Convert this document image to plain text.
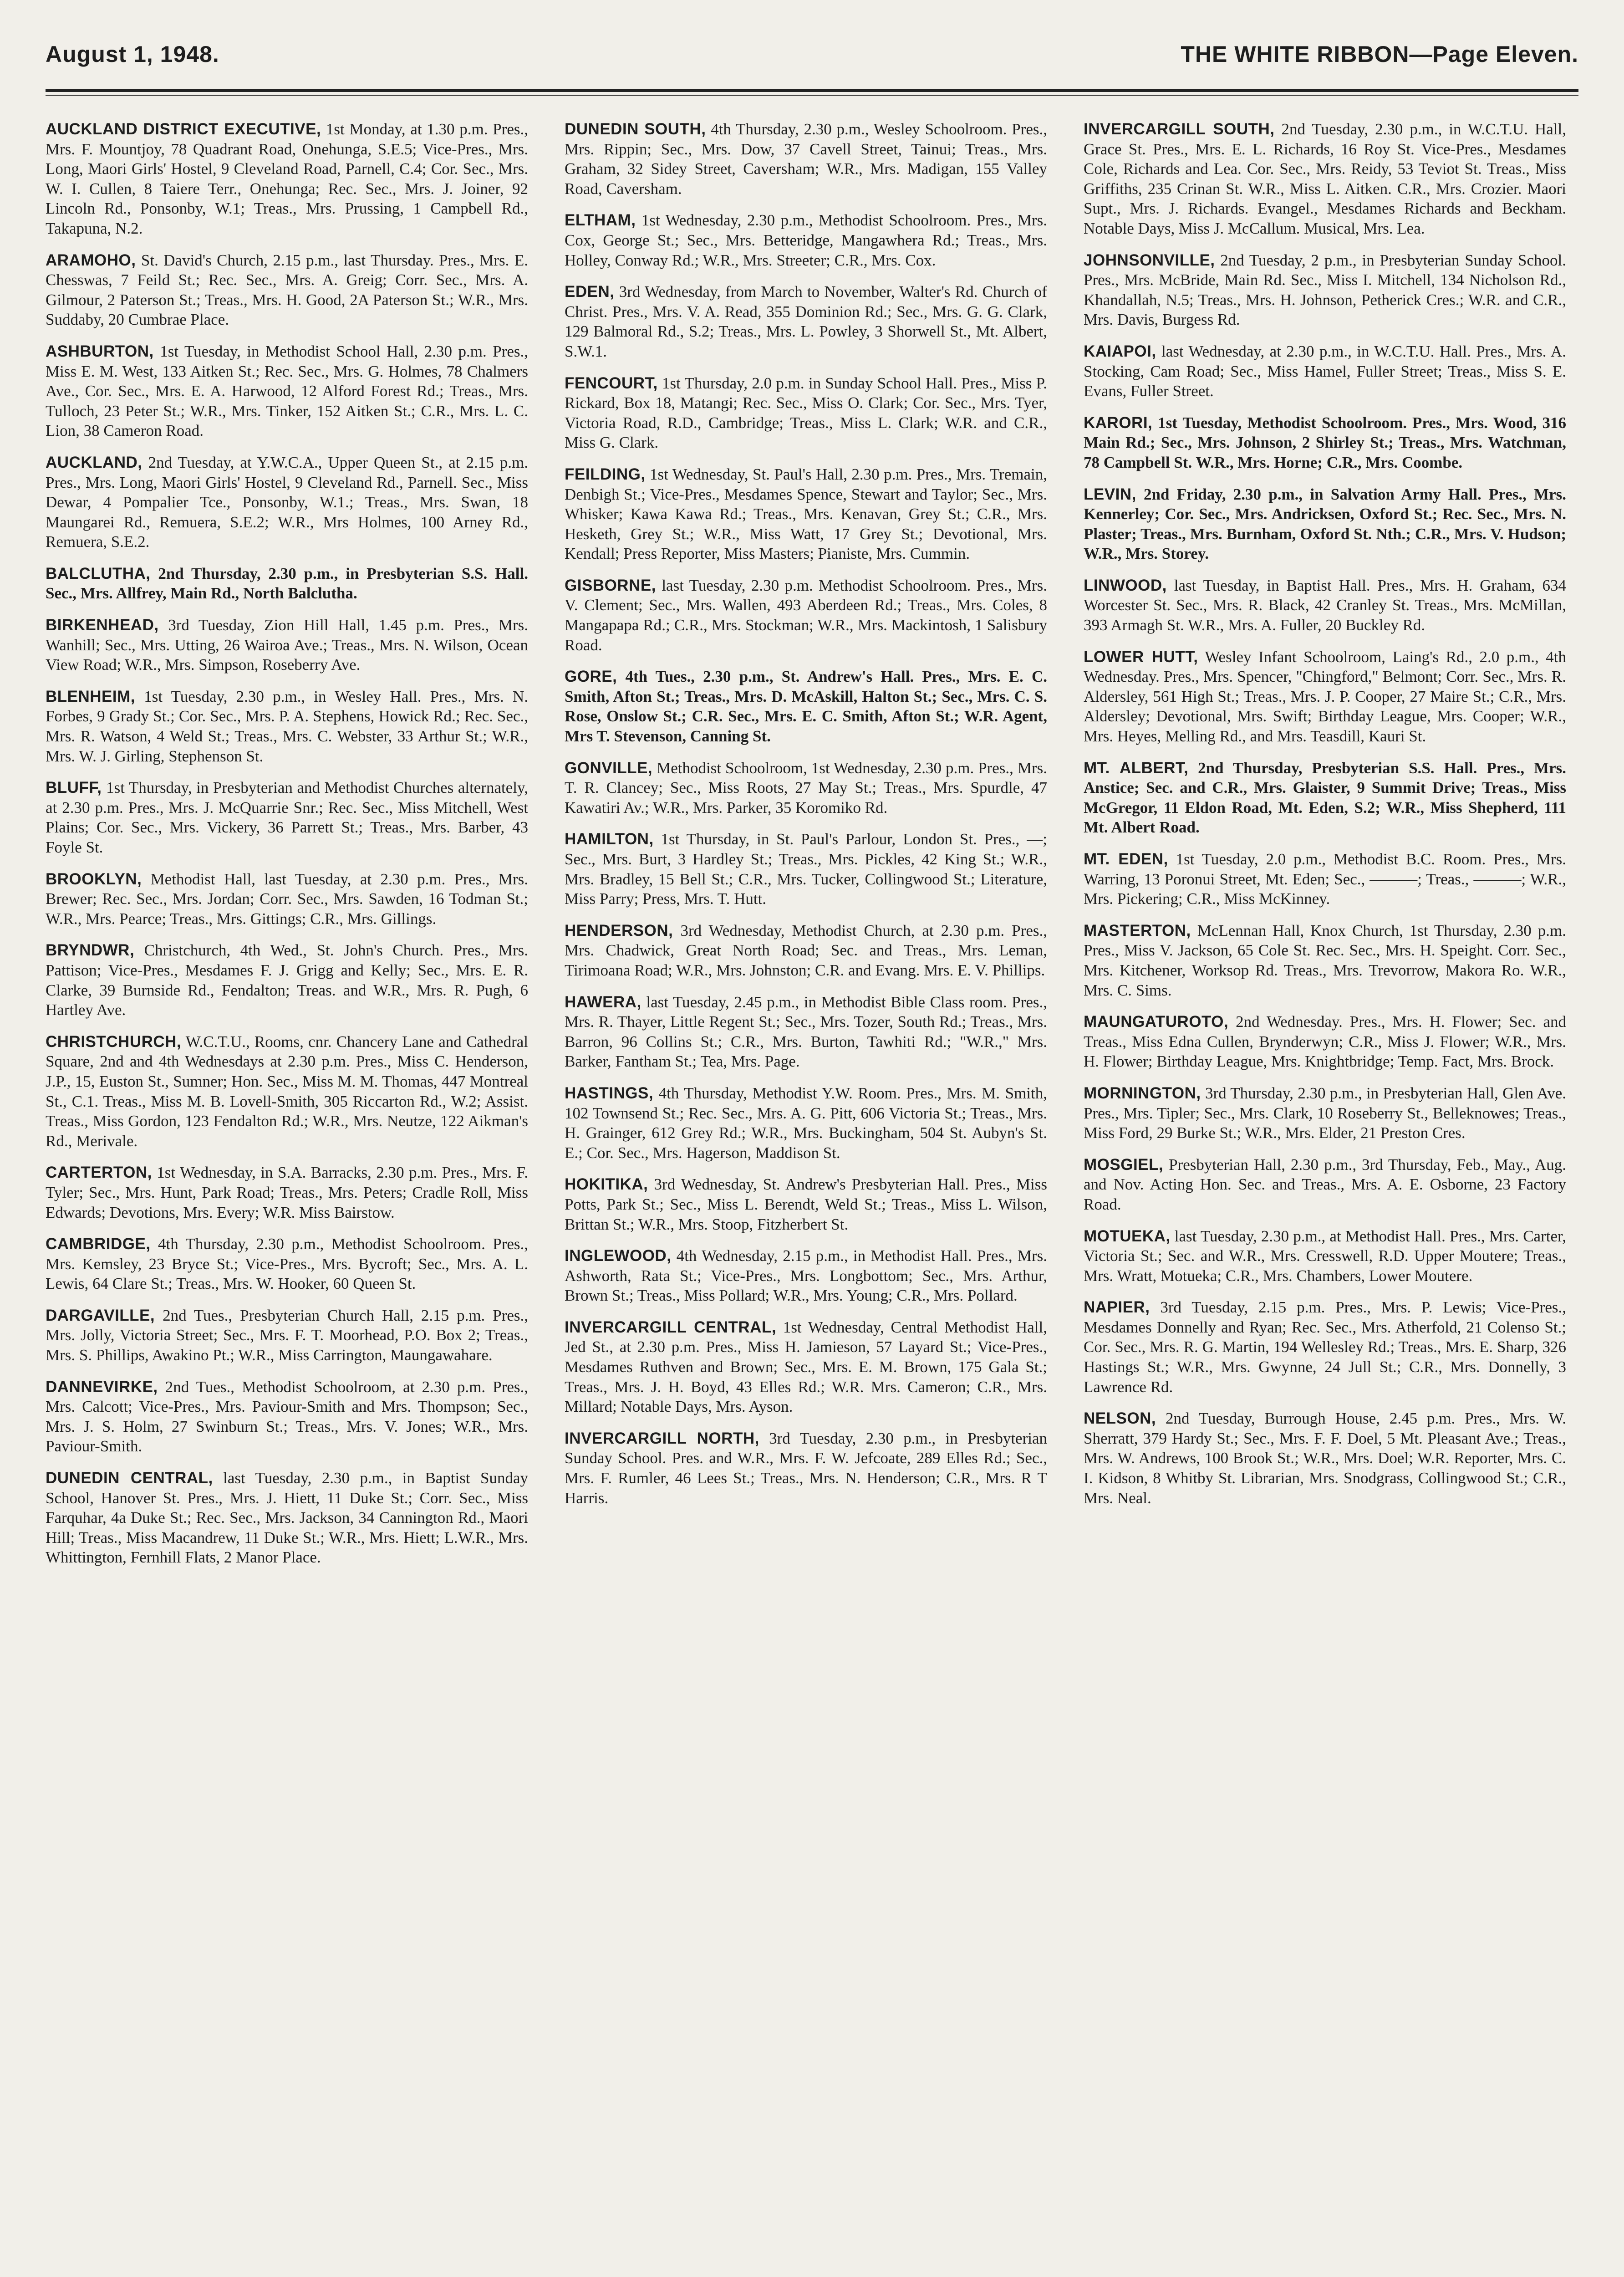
August 1, 1948.	THE WHITE RIBBON—Page Eleven.

AUCKLAND DISTRICT EXECUTIVE, 1st Monday, at 1.30 p.m. Pres., Mrs. F. Mountjoy, 78 Quadrant Road, Onehunga, S.E.5; Vice-Pres., Mrs. Long, Maori Girls' Hostel, 9 Cleveland Road, Parnell, C.4; Cor. Sec., Mrs. W. I. Cullen, 8 Taiere Terr., Onehunga; Rec. Sec., Mrs. J. Joiner, 92 Lincoln Rd., Ponsonby, W.1; Treas., Mrs. Prussing, 1 Campbell Rd., Takapuna, N.2.

ARAMOHO, St. David's Church, 2.15 p.m., last Thursday. Pres., Mrs. E. Chesswas, 7 Feild St.; Rec. Sec., Mrs. A. Greig; Corr. Sec., Mrs. A. Gilmour, 2 Paterson St.; Treas., Mrs. H. Good, 2A Paterson St.; W.R., Mrs. Suddaby, 20 Cumbrae Place.

ASHBURTON, 1st Tuesday, in Methodist School Hall, 2.30 p.m. Pres., Miss E. M. West, 133 Aitken St.; Rec. Sec., Mrs. G. Holmes, 78 Chalmers Ave., Cor. Sec., Mrs. E. A. Harwood, 12 Alford Forest Rd.; Treas., Mrs. Tulloch, 23 Peter St.; W.R., Mrs. Tinker, 152 Aitken St.; C.R., Mrs. L. C. Lion, 38 Cameron Road.

AUCKLAND, 2nd Tuesday, at Y.W.C.A., Upper Queen St., at 2.15 p.m. Pres., Mrs. Long, Maori Girls' Hostel, 9 Cleveland Rd., Parnell. Sec., Miss Dewar, 4 Pompalier Tce., Ponsonby, W.1.; Treas., Mrs. Swan, 18 Maungarei Rd., Remuera, S.E.2; W.R., Mrs Holmes, 100 Arney Rd., Remuera, S.E.2.

BALCLUTHA, 2nd Thursday, 2.30 p.m., in Presbyterian S.S. Hall. Sec., Mrs. Allfrey, Main Rd., North Balclutha.

BIRKENHEAD, 3rd Tuesday, Zion Hill Hall, 1.45 p.m. Pres., Mrs. Wanhill; Sec., Mrs. Utting, 26 Wairoa Ave.; Treas., Mrs. N. Wilson, Ocean View Road; W.R., Mrs. Simpson, Roseberry Ave.

BLENHEIM, 1st Tuesday, 2.30 p.m., in Wesley Hall. Pres., Mrs. N. Forbes, 9 Grady St.; Cor. Sec., Mrs. P. A. Stephens, Howick Rd.; Rec. Sec., Mrs. R. Watson, 4 Weld St.; Treas., Mrs. C. Webster, 33 Arthur St.; W.R., Mrs. W. J. Girling, Stephenson St.

BLUFF, 1st Thursday, in Presbyterian and Methodist Churches alternately, at 2.30 p.m. Pres., Mrs. J. McQuarrie Snr.; Rec. Sec., Miss Mitchell, West Plains; Cor. Sec., Mrs. Vickery, 36 Parrett St.; Treas., Mrs. Barber, 43 Foyle St.

BROOKLYN, Methodist Hall, last Tuesday, at 2.30 p.m. Pres., Mrs. Brewer; Rec. Sec., Mrs. Jordan; Corr. Sec., Mrs. Sawden, 16 Todman St.; W.R., Mrs. Pearce; Treas., Mrs. Gittings; C.R., Mrs. Gillings.

BRYNDWR, Christchurch, 4th Wed., St. John's Church. Pres., Mrs. Pattison; Vice-Pres., Mesdames F. J. Grigg and Kelly; Sec., Mrs. E. R. Clarke, 39 Burnside Rd., Fendalton; Treas. and W.R., Mrs. R. Pugh, 6 Hartley Ave.

CHRISTCHURCH, W.C.T.U., Rooms, cnr. Chancery Lane and Cathedral Square, 2nd and 4th Wednesdays at 2.30 p.m. Pres., Miss C. Henderson, J.P., 15, Euston St., Sumner; Hon. Sec., Miss M. M. Thomas, 447 Montreal St., C.1. Treas., Miss M. B. Lovell-Smith, 305 Riccarton Rd., W.2; Assist. Treas., Miss Gordon, 123 Fendalton Rd.; W.R., Mrs. Neutze, 122 Aikman's Rd., Merivale.

CARTERTON, 1st Wednesday, in S.A. Barracks, 2.30 p.m. Pres., Mrs. F. Tyler; Sec., Mrs. Hunt, Park Road; Treas., Mrs. Peters; Cradle Roll, Miss Edwards; Devotions, Mrs. Every; W.R. Miss Bairstow.

CAMBRIDGE, 4th Thursday, 2.30 p.m., Methodist Schoolroom. Pres., Mrs. Kemsley, 23 Bryce St.; Vice-Pres., Mrs. Bycroft; Sec., Mrs. A. L. Lewis, 64 Clare St.; Treas., Mrs. W. Hooker, 60 Queen St.

DARGAVILLE, 2nd Tues., Presbyterian Church Hall, 2.15 p.m. Pres., Mrs. Jolly, Victoria Street; Sec., Mrs. F. T. Moorhead, P.O. Box 2; Treas., Mrs. S. Phillips, Awakino Pt.; W.R., Miss Carrington, Maungawahare.

DANNEVIRKE, 2nd Tues., Methodist Schoolroom, at 2.30 p.m. Pres., Mrs. Calcott; Vice-Pres., Mrs. Paviour-Smith and Mrs. Thompson; Sec., Mrs. J. S. Holm, 27 Swinburn St.; Treas., Mrs. V. Jones; W.R., Mrs. Paviour-Smith.

DUNEDIN CENTRAL, last Tuesday, 2.30 p.m., in Baptist Sunday School, Hanover St. Pres., Mrs. J. Hiett, 11 Duke St.; Corr. Sec., Miss Farquhar, 4a Duke St.; Rec. Sec., Mrs. Jackson, 34 Cannington Rd., Maori Hill; Treas., Miss Macandrew, 11 Duke St.; W.R., Mrs. Hiett; L.W.R., Mrs. Whittington, Fernhill Flats, 2 Manor Place.

DUNEDIN SOUTH, 4th Thursday, 2.30 p.m., Wesley Schoolroom. Pres., Mrs. Rippin; Sec., Mrs. Dow, 37 Cavell Street, Tainui; Treas., Mrs. Graham, 32 Sidey Street, Caversham; W.R., Mrs. Madigan, 155 Valley Road, Caversham.

ELTHAM, 1st Wednesday, 2.30 p.m., Methodist Schoolroom. Pres., Mrs. Cox, George St.; Sec., Mrs. Betteridge, Mangawhera Rd.; Treas., Mrs. Holley, Conway Rd.; W.R., Mrs. Streeter; C.R., Mrs. Cox.

EDEN, 3rd Wednesday, from March to November, Walter's Rd. Church of Christ. Pres., Mrs. V. A. Read, 355 Dominion Rd.; Sec., Mrs. G. G. Clark, 129 Balmoral Rd., S.2; Treas., Mrs. L. Powley, 3 Shorwell St., Mt. Albert, S.W.1.

FENCOURT, 1st Thursday, 2.0 p.m. in Sunday School Hall. Pres., Miss P. Rickard, Box 18, Matangi; Rec. Sec., Miss O. Clark; Cor. Sec., Mrs. Tyer, Victoria Road, R.D., Cambridge; Treas., Miss L. Clark; W.R. and C.R., Miss G. Clark.

FEILDING, 1st Wednesday, St. Paul's Hall, 2.30 p.m. Pres., Mrs. Tremain, Denbigh St.; Vice-Pres., Mesdames Spence, Stewart and Taylor; Sec., Mrs. Whisker; Kawa Kawa Rd.; Treas., Mrs. Kenavan, Grey St.; C.R., Mrs. Hesketh, Grey St.; W.R., Miss Watt, 17 Grey St.; Devotional, Mrs. Kendall; Press Reporter, Miss Masters; Pianiste, Mrs. Cummin.

GISBORNE, last Tuesday, 2.30 p.m. Methodist Schoolroom. Pres., Mrs. V. Clement; Sec., Mrs. Wallen, 493 Aberdeen Rd.; Treas., Mrs. Coles, 8 Mangapapa Rd.; C.R., Mrs. Stockman; W.R., Mrs. Mackintosh, 1 Salisbury Road.

GORE, 4th Tues., 2.30 p.m., St. Andrew's Hall. Pres., Mrs. E. C. Smith, Afton St.; Treas., Mrs. D. McAskill, Halton St.; Sec., Mrs. C. S. Rose, Onslow St.; C.R. Sec., Mrs. E. C. Smith, Afton St.; W.R. Agent, Mrs T. Stevenson, Canning St.

GONVILLE, Methodist Schoolroom, 1st Wednesday, 2.30 p.m. Pres., Mrs. T. R. Clancey; Sec., Miss Roots, 27 May St.; Treas., Mrs. Spurdle, 47 Kawatiri Av.; W.R., Mrs. Parker, 35 Koromiko Rd.

HAMILTON, 1st Thursday, in St. Paul's Parlour, London St. Pres., —; Sec., Mrs. Burt, 3 Hardley St.; Treas., Mrs. Pickles, 42 King St.; W.R., Mrs. Bradley, 15 Bell St.; C.R., Mrs. Tucker, Collingwood St.; Literature, Miss Parry; Press, Mrs. T. Hutt.

HENDERSON, 3rd Wednesday, Methodist Church, at 2.30 p.m. Pres., Mrs. Chadwick, Great North Road; Sec. and Treas., Mrs. Leman, Tirimoana Road; W.R., Mrs. Johnston; C.R. and Evang. Mrs. E. V. Phillips.

HAWERA, last Tuesday, 2.45 p.m., in Methodist Bible Class room. Pres., Mrs. R. Thayer, Little Regent St.; Sec., Mrs. Tozer, South Rd.; Treas., Mrs. Barron, 96 Collins St.; C.R., Mrs. Burton, Tawhiti Rd.; "W.R.," Mrs. Barker, Fantham St.; Tea, Mrs. Page.

HASTINGS, 4th Thursday, Methodist Y.W. Room. Pres., Mrs. M. Smith, 102 Townsend St.; Rec. Sec., Mrs. A. G. Pitt, 606 Victoria St.; Treas., Mrs. H. Grainger, 612 Grey Rd.; W.R., Mrs. Buckingham, 504 St. Aubyn's St. E.; Cor. Sec., Mrs. Hagerson, Maddison St.

HOKITIKA, 3rd Wednesday, St. Andrew's Presbyterian Hall. Pres., Miss Potts, Park St.; Sec., Miss L. Berendt, Weld St.; Treas., Miss L. Wilson, Brittan St.; W.R., Mrs. Stoop, Fitzherbert St.

INGLEWOOD, 4th Wednesday, 2.15 p.m., in Methodist Hall. Pres., Mrs. Ashworth, Rata St.; Vice-Pres., Mrs. Longbottom; Sec., Mrs. Arthur, Brown St.; Treas., Miss Pollard; W.R., Mrs. Young; C.R., Mrs. Pollard.

INVERCARGILL CENTRAL, 1st Wednesday, Central Methodist Hall, Jed St., at 2.30 p.m. Pres., Miss H. Jamieson, 57 Layard St.; Vice-Pres., Mesdames Ruthven and Brown; Sec., Mrs. E. M. Brown, 175 Gala St.; Treas., Mrs. J. H. Boyd, 43 Elles Rd.; W.R. Mrs. Cameron; C.R., Mrs. Millard; Notable Days, Mrs. Ayson.

INVERCARGILL NORTH, 3rd Tuesday, 2.30 p.m., in Presbyterian Sunday School. Pres. and W.R., Mrs. F. W. Jefcoate, 289 Elles Rd.; Sec., Mrs. F. Rumler, 46 Lees St.; Treas., Mrs. N. Henderson; C.R., Mrs. R T Harris.

INVERCARGILL SOUTH, 2nd Tuesday, 2.30 p.m., in W.C.T.U. Hall, Grace St. Pres., Mrs. E. L. Richards, 16 Roy St. Vice-Pres., Mesdames Cole, Richards and Lea. Cor. Sec., Mrs. Reidy, 53 Teviot St. Treas., Miss Griffiths, 235 Crinan St. W.R., Miss L. Aitken. C.R., Mrs. Crozier. Maori Supt., Mrs. J. Richards. Evangel., Mesdames Richards and Beckham. Notable Days, Miss J. McCallum. Musical, Mrs. Lea.

JOHNSONVILLE, 2nd Tuesday, 2 p.m., in Presbyterian Sunday School. Pres., Mrs. McBride, Main Rd. Sec., Miss I. Mitchell, 134 Nicholson Rd., Khandallah, N.5; Treas., Mrs. H. Johnson, Petherick Cres.; W.R. and C.R., Mrs. Davis, Burgess Rd.

KAIAPOI, last Wednesday, at 2.30 p.m., in W.C.T.U. Hall. Pres., Mrs. A. Stocking, Cam Road; Sec., Miss Hamel, Fuller Street; Treas., Miss S. E. Evans, Fuller Street.

KARORI, 1st Tuesday, Methodist Schoolroom. Pres., Mrs. Wood, 316 Main Rd.; Sec., Mrs. Johnson, 2 Shirley St.; Treas., Mrs. Watchman, 78 Campbell St. W.R., Mrs. Horne; C.R., Mrs. Coombe.

LEVIN, 2nd Friday, 2.30 p.m., in Salvation Army Hall. Pres., Mrs. Kennerley; Cor. Sec., Mrs. Andricksen, Oxford St.; Rec. Sec., Mrs. N. Plaster; Treas., Mrs. Burnham, Oxford St. Nth.; C.R., Mrs. V. Hudson; W.R., Mrs. Storey.

LINWOOD, last Tuesday, in Baptist Hall. Pres., Mrs. H. Graham, 634 Worcester St. Sec., Mrs. R. Black, 42 Cranley St. Treas., Mrs. McMillan, 393 Armagh St. W.R., Mrs. A. Fuller, 20 Buckley Rd.

LOWER HUTT, Wesley Infant Schoolroom, Laing's Rd., 2.0 p.m., 4th Wednesday. Pres., Mrs. Spencer, "Chingford," Belmont; Corr. Sec., Mrs. R. Aldersley, 561 High St.; Treas., Mrs. J. P. Cooper, 27 Maire St.; C.R., Mrs. Aldersley; Devotional, Mrs. Swift; Birthday League, Mrs. Cooper; W.R., Mrs. Heyes, Melling Rd., and Mrs. Teasdill, Kauri St.

MT. ALBERT, 2nd Thursday, Presbyterian S.S. Hall. Pres., Mrs. Anstice; Sec. and C.R., Mrs. Glaister, 9 Summit Drive; Treas., Miss McGregor, 11 Eldon Road, Mt. Eden, S.2; W.R., Miss Shepherd, 111 Mt. Albert Road.

MT. EDEN, 1st Tuesday, 2.0 p.m., Methodist B.C. Room. Pres., Mrs. Warring, 13 Poronui Street, Mt. Eden; Sec., ———; Treas., ———; W.R., Mrs. Pickering; C.R., Miss McKinney.

MASTERTON, McLennan Hall, Knox Church, 1st Thursday, 2.30 p.m. Pres., Miss V. Jackson, 65 Cole St. Rec. Sec., Mrs. H. Speight. Corr. Sec., Mrs. Kitchener, Worksop Rd. Treas., Mrs. Trevorrow, Makora Ro. W.R., Mrs. C. Sims.

MAUNGATUROTO, 2nd Wednesday. Pres., Mrs. H. Flower; Sec. and Treas., Miss Edna Cullen, Brynderwyn; C.R., Miss J. Flower; W.R., Mrs. H. Flower; Birthday League, Mrs. Knightbridge; Temp. Fact, Mrs. Brock.

MORNINGTON, 3rd Thursday, 2.30 p.m., in Presbyterian Hall, Glen Ave. Pres., Mrs. Tipler; Sec., Mrs. Clark, 10 Roseberry St., Belleknowes; Treas., Miss Ford, 29 Burke St.; W.R., Mrs. Elder, 21 Preston Cres.

MOSGIEL, Presbyterian Hall, 2.30 p.m., 3rd Thursday, Feb., May., Aug. and Nov. Acting Hon. Sec. and Treas., Mrs. A. E. Osborne, 23 Factory Road.

MOTUEKA, last Tuesday, 2.30 p.m., at Methodist Hall. Pres., Mrs. Carter, Victoria St.; Sec. and W.R., Mrs. Cresswell, R.D. Upper Moutere; Treas., Mrs. Wratt, Motueka; C.R., Mrs. Chambers, Lower Moutere.

NAPIER, 3rd Tuesday, 2.15 p.m. Pres., Mrs. P. Lewis; Vice-Pres., Mesdames Donnelly and Ryan; Rec. Sec., Mrs. Atherfold, 21 Colenso St.; Cor. Sec., Mrs. R. G. Martin, 194 Wellesley Rd.; Treas., Mrs. E. Sharp, 326 Hastings St.; W.R., Mrs. Gwynne, 24 Jull St.; C.R., Mrs. Donnelly, 3 Lawrence Rd.

NELSON, 2nd Tuesday, Burrough House, 2.45 p.m. Pres., Mrs. W. Sherratt, 379 Hardy St.; Sec., Mrs. F. F. Doel, 5 Mt. Pleasant Ave.; Treas., Mrs. W. Andrews, 100 Brook St.; W.R., Mrs. Doel; W.R. Reporter, Mrs. C. I. Kidson, 8 Whitby St. Librarian, Mrs. Snodgrass, Collingwood St.; C.R., Mrs. Neal.
